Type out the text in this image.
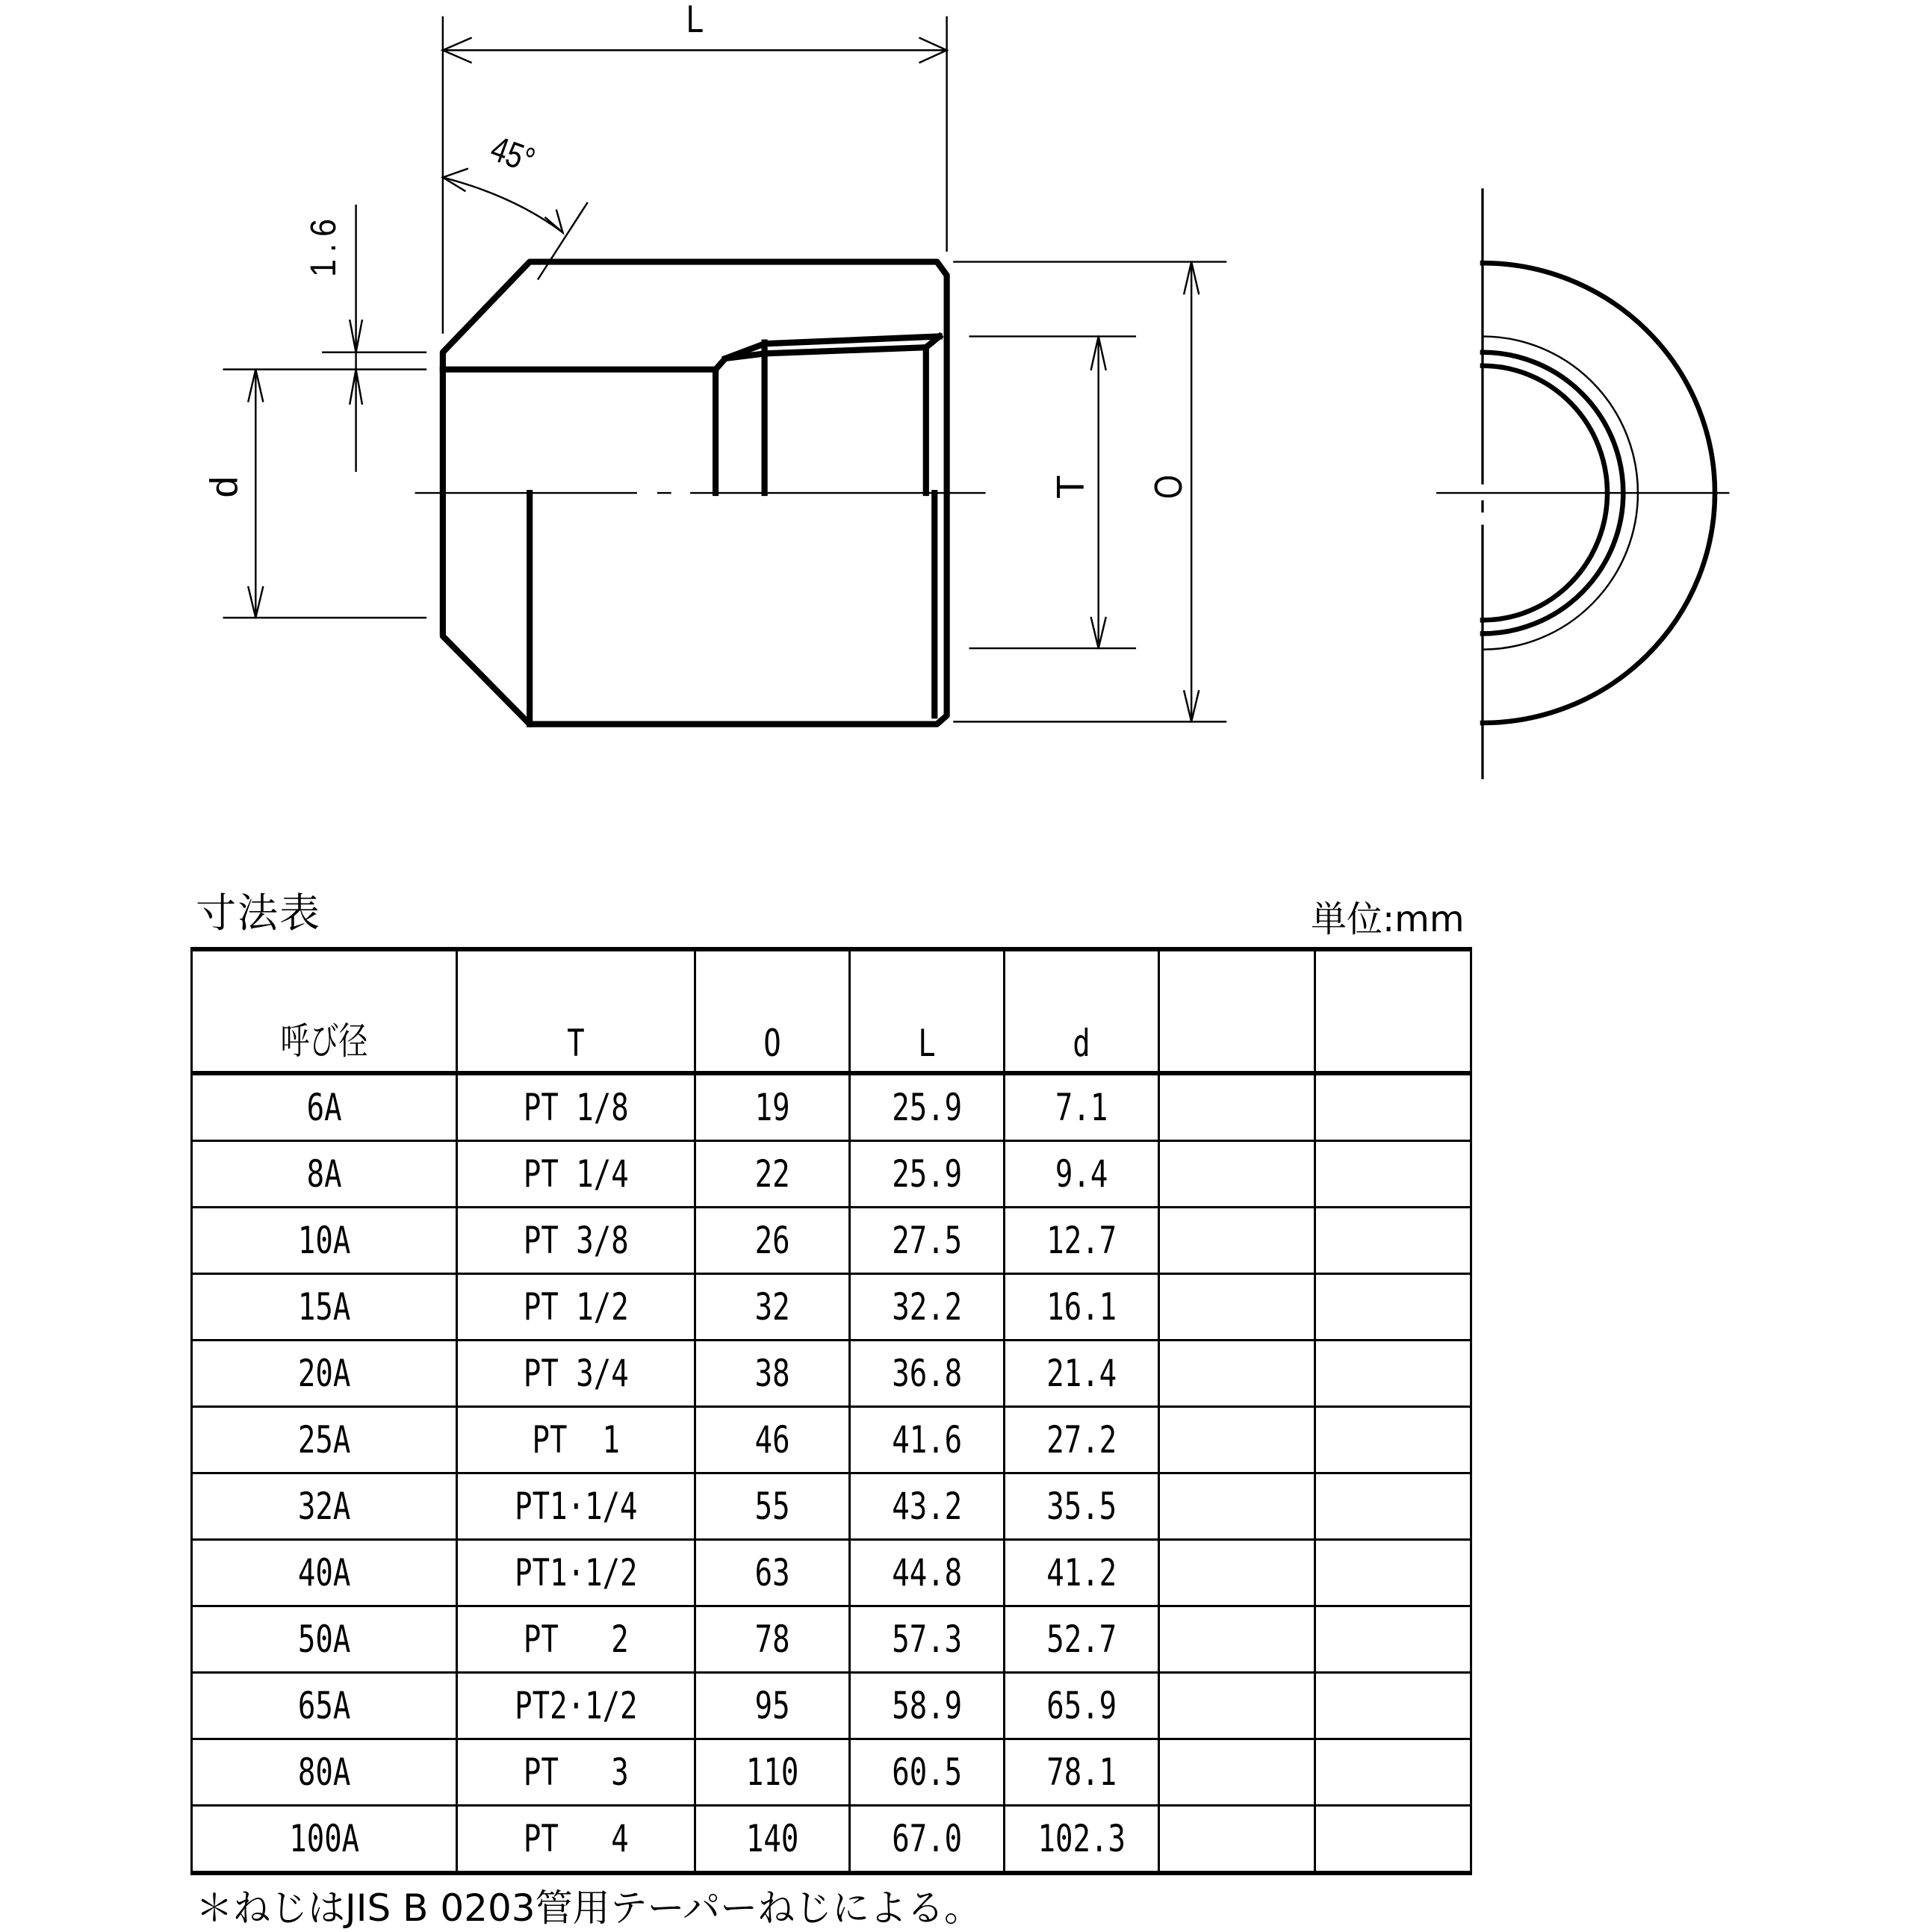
L
45°
1.6
d	T O
寸法表	単位:mm
呼び径	T	O	L	d		
6A	PT 1/8	19	25.9	7.1		
8A	PT 1/4	22	25.9	9.4		
10A	PT 3/8	26	27.5	12.7		
15A	PT 1/2	32	32.2	16.1		
20A	PT 3/4	38	36.8	21.4		
25A	PT  1	46	41.6	27.2		
32A	PT1·1/4	55	43.2	35.5		
40A	PT1·1/2	63	44.8	41.2		
50A	PT   2	78	57.3	52.7		
65A	PT2·1/2	95	58.9	65.9		
80A	PT   3	110	60.5	78.1		
100A	PT   4	140	67.0	102.3		
＊ねじはJIS B 0203管用テーパーねじによる。
